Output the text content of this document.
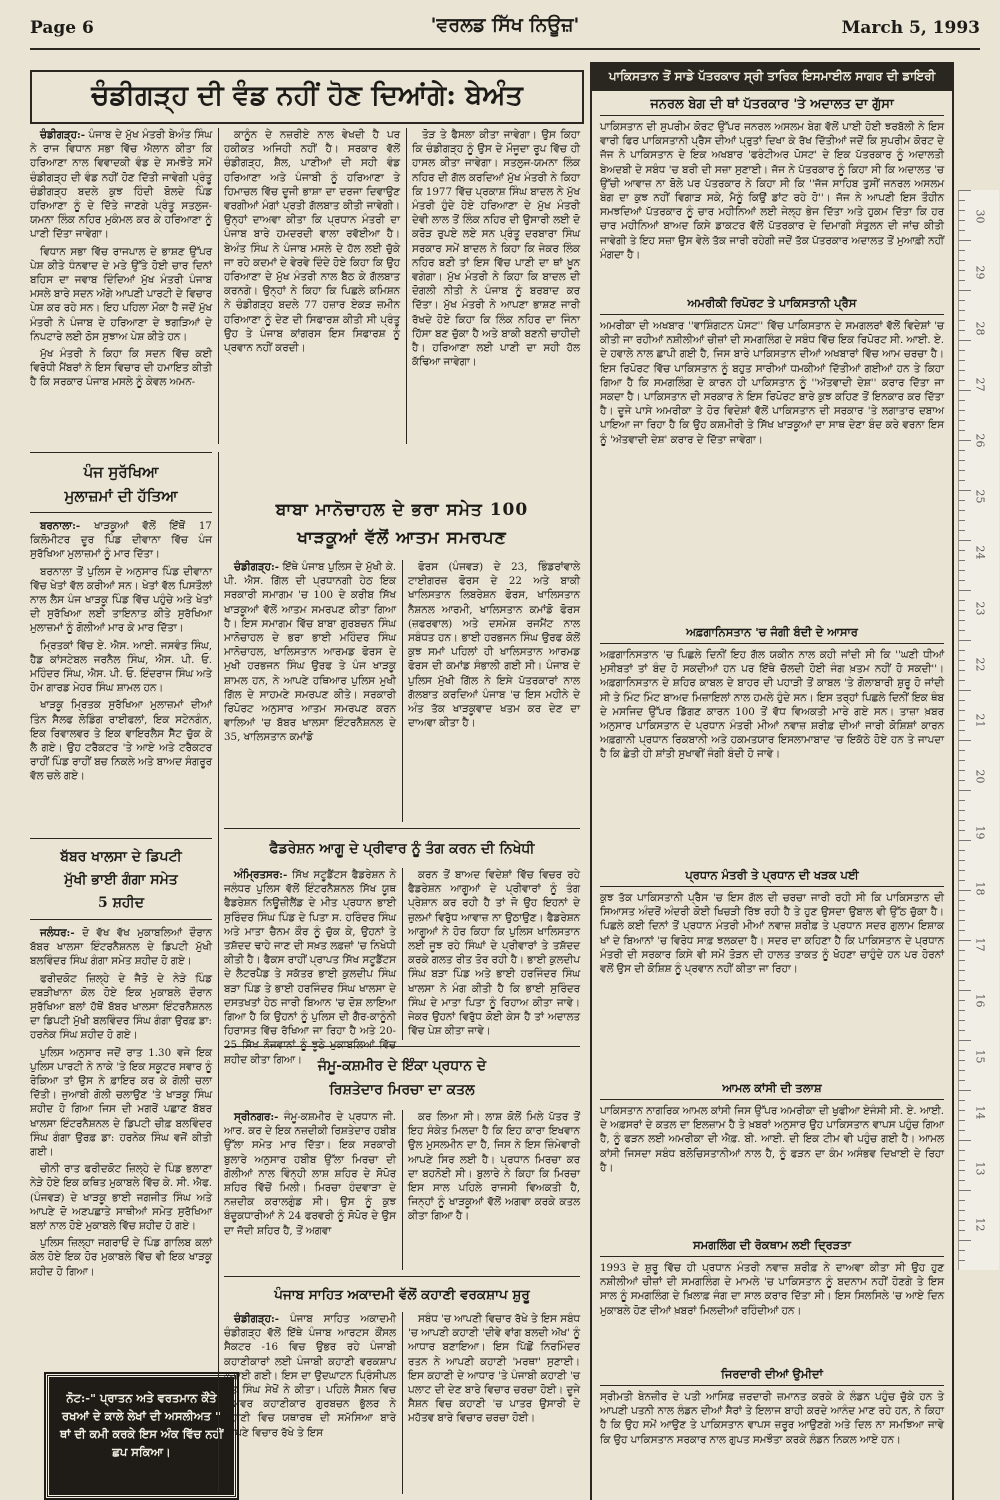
Page 6	'ਵਰਲਡ ਸਿੱਖ ਨਿਊਜ਼'	March 5, 1993
ਚੰਡੀਗੜ੍ਹ ਦੀ ਵੰਡ ਨਹੀਂ ਹੋਣ ਦਿਆਂਗੇ: ਬੇਅੰਤ

ਚੰਡੀਗੜ੍ਹ:- ਪੰਜਾਬ ਦੇ ਮੁੱਖ ਮੰਤਰੀ ਬੇਅੰਤ ਸਿੰਘ ਨੇ ਰਾਜ ਵਿਧਾਨ ਸਭਾ ਵਿੱਚ ਐਲਾਨ ਕੀਤਾ ਕਿ ਹਰਿਆਣਾ ਨਾਲ ਵਿਵਾਦਕੀ ਵੰਡ ਦੇ ਸਮਝੌਤੇ ਸਮੇਂ ਚੰਡੀਗੜ੍ਹ ਦੀ ਵੰਡ ਨਹੀਂ ਹੋਣ ਦਿੱਤੀ ਜਾਵੇਗੀ ਪ੍ਰੰਤੂ ਚੰਡੀਗੜ੍ਹ ਬਦਲੇ ਕੁਝ ਹਿੰਦੀ ਬੋਲਦੇ ਪਿੰਡ ਹਰਿਆਣਾ ਨੂੰ ਦੇ ਦਿੱਤੇ ਜਾਣਗੇ ਪ੍ਰੰਤੂ ਸਤਲੁਜ-ਯਮਨਾ ਲਿੰਕ ਨਹਿਰ ਮੁਕੰਮਲ ਕਰ ਕੇ ਹਰਿਆਣਾ ਨੂੰ ਪਾਣੀ ਦਿੱਤਾ ਜਾਵੇਗਾ।

ਵਿਧਾਨ ਸਭਾ ਵਿੱਚ ਰਾਜਪਾਲ ਦੇ ਭਾਸ਼ਣ ਉੱਪਰ ਪੇਸ਼ ਕੀਤੇ ਧੰਨਵਾਦ ਦੇ ਮਤੇ ਉੱਤੇ ਹੋਈ ਚਾਰ ਦਿਨਾਂ ਬਹਿਸ ਦਾ ਜਵਾਬ ਦਿੰਦਿਆਂ ਮੁੱਖ ਮੰਤਰੀ ਪੰਜਾਬ ਮਸਲੇ ਬਾਰੇ ਸਦਨ ਅੱਗੇ ਆਪਣੀ ਪਾਰਟੀ ਦੇ ਵਿਚਾਰ ਪੇਸ਼ ਕਰ ਰਹੇ ਸਨ। ਇਹ ਪਹਿਲਾ ਮੌਕਾ ਹੈ ਜਦੋਂ ਮੁੱਖ ਮੰਤਰੀ ਨੇ ਪੰਜਾਬ ਦੇ ਹਰਿਆਣਾ ਦੇ ਝਗੜਿਆਂ ਦੇ ਨਿਪਟਾਰੇ ਲਈ ਠੋਸ ਸੁਝਾਅ ਪੇਸ਼ ਕੀਤੇ ਹਨ।

ਮੁੱਖ ਮੰਤਰੀ ਨੇ ਕਿਹਾ ਕਿ ਸਦਨ ਵਿੱਚ ਕਈ ਵਿਰੋਧੀ ਮੈਂਬਰਾਂ ਨੇ ਇਸ ਵਿਚਾਰ ਦੀ ਹਮਾਇਤ ਕੀਤੀ ਹੈ ਕਿ ਸਰਕਾਰ ਪੰਜਾਬ ਮਸਲੇ ਨੂੰ ਕੇਵਲ ਅਮਨ-

ਕਾਨੂੰਨ ਦੇ ਨਜ਼ਰੀਏ ਨਾਲ ਵੇਖਦੀ ਹੈ ਪਰ ਹਕੀਕਤ ਅਜਿਹੀ ਨਹੀਂ ਹੈ। ਸਰਕਾਰ ਵੱਲੋਂ ਚੰਡੀਗੜ੍ਹ, ਸ਼ੈਲ, ਪਾਣੀਆਂ ਦੀ ਸਹੀ ਵੰਡ ਹਰਿਆਣਾ ਅਤੇ ਪੰਜਾਬੀ ਨੂੰ ਹਰਿਆਣਾ ਤੇ ਹਿਮਾਚਲ ਵਿੱਚ ਦੂਜੀ ਭਾਸ਼ਾ ਦਾ ਦਰਜਾ ਦਿਵਾਉਣ ਵਰਗੀਆਂ ਮੰਗਾਂ ਪ੍ਰਤੀ ਗੱਲਬਾਤ ਕੀਤੀ ਜਾਵੇਗੀ। ਉਨ੍ਹਾਂ ਦਾਅਵਾ ਕੀਤਾ ਕਿ ਪ੍ਰਧਾਨ ਮੰਤਰੀ ਦਾ ਪੰਜਾਬ ਬਾਰੇ ਹਮਦਰਦੀ ਵਾਲਾ ਰਵੱਈਆ ਹੈ। ਬੇਅੰਤ ਸਿੰਘ ਨੇ ਪੰਜਾਬ ਮਸਲੇ ਦੇ ਹੱਲ ਲਈ ਚੁੱਕੇ ਜਾ ਰਹੇ ਕਦਮਾਂ ਦੇ ਵੇਰਵੇ ਦਿੰਦੇ ਹੋਏ ਕਿਹਾ ਕਿ ਉਹ ਹਰਿਆਣਾ ਦੇ ਮੁੱਖ ਮੰਤਰੀ ਨਾਲ ਬੈਠ ਕੇ ਗੱਲਬਾਤ ਕਰਨਗੇ। ਉਨ੍ਹਾਂ ਨੇ ਕਿਹਾ ਕਿ ਪਿਛਲੇ ਕਮਿਸ਼ਨ ਨੇ ਚੰਡੀਗੜ੍ਹ ਬਦਲੇ 77 ਹਜ਼ਾਰ ਏਕੜ ਜ਼ਮੀਨ ਹਰਿਆਣਾ ਨੂੰ ਦੇਣ ਦੀ ਸਿਫਾਰਸ਼ ਕੀਤੀ ਸੀ ਪ੍ਰੰਤੂ ਉਹ ਤੇ ਪੰਜਾਬ ਕਾਂਗਰਸ ਇਸ ਸਿਫਾਰਸ਼ ਨੂੰ ਪ੍ਰਵਾਨ ਨਹੀਂ ਕਰਦੀ।

ਤੋੜ ਤੇ ਫੈਸਲਾ ਕੀਤਾ ਜਾਵੇਗਾ। ਉਸ ਕਿਹਾ ਕਿ ਚੰਡੀਗੜ੍ਹ ਨੂੰ ਉਸ ਦੇ ਮੌਜੂਦਾ ਰੂਪ ਵਿੱਚ ਹੀ ਹਾਸਲ ਕੀਤਾ ਜਾਵੇਗਾ। ਸਤਲੁਜ-ਯਮਨਾ ਲਿੰਕ ਨਹਿਰ ਦੀ ਗੱਲ ਕਰਦਿਆਂ ਮੁੱਖ ਮੰਤਰੀ ਨੇ ਕਿਹਾ ਕਿ 1977 ਵਿੱਚ ਪ੍ਰਕਾਸ਼ ਸਿੰਘ ਬਾਦਲ ਨੇ ਮੁੱਖ ਮੰਤਰੀ ਹੁੰਦੇ ਹੋਏ ਹਰਿਆਣਾ ਦੇ ਮੁੱਖ ਮੰਤਰੀ ਦੇਵੀ ਲਾਲ ਤੋਂ ਲਿੰਕ ਨਹਿਰ ਦੀ ਉਸਾਰੀ ਲਈ ਦੋ ਕਰੋੜ ਰੁਪਏ ਲਏ ਸਨ ਪ੍ਰੰਤੂ ਦਰਬਾਰਾ ਸਿੰਘ ਸਰਕਾਰ ਸਮੇਂ ਬਾਦਲ ਨੇ ਕਿਹਾ ਕਿ ਜੇਕਰ ਲਿੰਕ ਨਹਿਰ ਬਣੀ ਤਾਂ ਇਸ ਵਿੱਚ ਪਾਣੀ ਦਾ ਥਾਂ ਖ਼ੂਨ ਵਗੇਗਾ। ਮੁੱਖ ਮੰਤਰੀ ਨੇ ਕਿਹਾ ਕਿ ਬਾਦਲ ਦੀ ਦੋਗਲੀ ਨੀਤੀ ਨੇ ਪੰਜਾਬ ਨੂੰ ਬਰਬਾਦ ਕਰ ਦਿੱਤਾ। ਮੁੱਖ ਮੰਤਰੀ ਨੇ ਆਪਣਾ ਭਾਸ਼ਣ ਜਾਰੀ ਰੱਖਦੇ ਹੋਏ ਕਿਹਾ ਕਿ ਲਿੰਕ ਨਹਿਰ ਦਾ ਜਿੰਨਾ ਹਿੱਸਾ ਬਣ ਚੁੱਕਾ ਹੈ ਅਤੇ ਬਾਕੀ ਬਣਨੀ ਚਾਹੀਦੀ ਹੈ। ਹਰਿਆਣਾ ਲਈ ਪਾਣੀ ਦਾ ਸਹੀ ਹੱਲ ਕੱਢਿਆ ਜਾਵੇਗਾ।

ਪੰਜ ਸੁਰੱਖਿਆ
ਮੁਲਾਜ਼ਮਾਂ ਦੀ ਹੱਤਿਆ

ਬਰਨਾਲਾ:- ਖਾੜਕੂਆਂ ਵੱਲੋਂ ਇੱਥੋਂ 17 ਕਿਲੋਮੀਟਰ ਦੂਰ ਪਿੰਡ ਦੀਵਾਨਾ ਵਿੱਚ ਪੰਜ ਸੁਰੱਖਿਆ ਮੁਲਾਜ਼ਮਾਂ ਨੂੰ ਮਾਰ ਦਿੱਤਾ।

ਬਰਨਾਲਾ ਤੋਂ ਪੁਲਿਸ ਦੇ ਅਨੁਸਾਰ ਪਿੰਡ ਦੀਵਾਨਾ ਵਿੱਚ ਖੇਤਾਂ ਵੱਲ ਕਰੀਆਂ ਸਨ। ਖੇਤਾਂ ਵੱਲ ਪਿਸਤੌਲਾਂ ਨਾਲ ਲੈਸ ਪੰਜ ਖਾੜਕੂ ਪਿੰਡ ਵਿੱਚ ਪਹੁੰਚੇ ਅਤੇ ਖੇਤਾਂ ਦੀ ਸੁਰੱਖਿਆ ਲਈ ਤਾਇਨਾਤ ਕੀਤੇ ਸੁਰੱਖਿਆ ਮੁਲਾਜ਼ਮਾਂ ਨੂੰ ਗੋਲੀਆਂ ਮਾਰ ਕੇ ਮਾਰ ਦਿੱਤਾ।

ਮ੍ਰਿਤਕਾਂ ਵਿੱਚ ਏ. ਐਸ. ਆਈ. ਜਸਵੰਤ ਸਿੰਘ, ਹੈਡ ਕਾਂਸਟੇਬਲ ਜਰਨੈਲ ਸਿੰਘ, ਐਸ. ਪੀ. ਓ. ਮਹਿੰਦਰ ਸਿੰਘ, ਐਸ. ਪੀ. ਓ. ਇੰਦਰਾਜ ਸਿੰਘ ਅਤੇ ਹੋਮ ਗਾਰਡ ਮੇਹਰ ਸਿੰਘ ਸ਼ਾਮਲ ਹਨ।

ਖਾੜਕੂ ਮ੍ਰਿਤਕ ਸੁਰੱਖਿਆ ਮੁਲਾਜ਼ਮਾਂ ਦੀਆਂ ਤਿੰਨ ਸੈਲਫ ਲੋਡਿੰਗ ਰਾਈਫਲਾਂ, ਇਕ ਸਟੇਨਗੰਨ, ਇਕ ਰਿਵਾਲਵਰ ਤੇ ਇਕ ਵਾਇਰਲੈਸ ਸੈੱਟ ਚੁੱਕ ਕੇ ਲੈ ਗਏ। ਉਹ ਟਰੈਕਟਰ 'ਤੇ ਆਏ ਅਤੇ ਟਰੈਕਟਰ ਰਾਹੀਂ ਪਿੰਡ ਰਾਹੀਂ ਬਚ ਨਿਕਲੇ ਅਤੇ ਬਾਅਦ ਸੰਗਰੂਰ ਵੱਲ ਚਲੇ ਗਏ।

ਬੱਬਰ ਖਾਲਸਾ ਦੇ ਡਿਪਟੀ
ਮੁੱਖੀ ਭਾਈ ਗੰਗਾ ਸਮੇਤ
5 ਸ਼ਹੀਦ

ਜਲੰਧਰ:- ਦੋ ਵੱਖ ਵੱਖ ਮੁਕਾਬਲਿਆਂ ਦੌਰਾਨ ਬੱਬਰ ਖਾਲਸਾ ਇੰਟਰਨੈਸ਼ਨਲ ਦੇ ਡਿਪਟੀ ਮੁੱਖੀ ਬਲਵਿੰਦਰ ਸਿੰਘ ਗੰਗਾ ਸਮੇਤ ਸ਼ਹੀਦ ਹੋ ਗਏ।

ਫਰੀਦਕੋਟ ਜ਼ਿਲ੍ਹੇ ਦੇ ਜੈਤੋ ਦੇ ਨੇੜੇ ਪਿੰਡ ਦਬੜੀਖਾਨਾ ਕੋਲ ਹੋਏ ਇਕ ਮੁਕਾਬਲੇ ਦੌਰਾਨ ਸੁਰੱਖਿਆ ਬਲਾਂ ਹੱਥੋਂ ਬੱਬਰ ਖਾਲਸਾ ਇੰਟਰਨੈਸ਼ਨਲ ਦਾ ਡਿਪਟੀ ਮੁੱਖੀ ਬਲਵਿੰਦਰ ਸਿੰਘ ਗੰਗਾ ਉਰਫ਼ ਡਾ: ਹਰਨੇਕ ਸਿੰਘ ਸ਼ਹੀਦ ਹੋ ਗਏ।

ਪੁਲਿਸ ਅਨੁਸਾਰ ਜਦੋਂ ਰਾਤ 1.30 ਵਜੇ ਇਕ ਪੁਲਿਸ ਪਾਰਟੀ ਨੇ ਨਾਕੇ 'ਤੇ ਇਕ ਸਕੂਟਰ ਸਵਾਰ ਨੂੰ ਰੋਕਿਆ ਤਾਂ ਉਸ ਨੇ ਫ਼ਾਇਰ ਕਰ ਕੇ ਗੋਲੀ ਚਲਾ ਦਿੱਤੀ। ਜੁਆਬੀ ਗੋਲੀ ਚਲਾਉਣ 'ਤੇ ਖਾੜਕੂ ਸਿੰਘ ਸ਼ਹੀਦ ਹੋ ਗਿਆ ਜਿਸ ਦੀ ਮਗਰੋਂ ਪਛਾਣ ਬੱਬਰ ਖਾਲਸਾ ਇੰਟਰਨੈਸ਼ਨਲ ਦੇ ਡਿਪਟੀ ਚੀਫ਼ ਬਲਵਿੰਦਰ ਸਿੰਘ ਗੰਗਾ ਉਰਫ਼ ਡਾ: ਹਰਨੇਕ ਸਿੰਘ ਵਜੋਂ ਕੀਤੀ ਗਈ।

ਚੀਨੀ ਰਾਤ ਫਰੀਦਕੋਟ ਜ਼ਿਲ੍ਹੇ ਦੇ ਪਿੰਡ ਭਲਾਣਾ ਨੇੜੇ ਹੋਏ ਇਕ ਕਥਿਤ ਮੁਕਾਬਲੇ ਵਿੱਚ ਕੇ. ਸੀ. ਐਫ. (ਪੰਜਵੜ) ਦੇ ਖਾੜਕੂ ਭਾਈ ਜਗਜੀਤ ਸਿੰਘ ਅਤੇ ਆਪਣੇ ਦੋ ਅਣਪਛਾਤੇ ਸਾਥੀਆਂ ਸਮੇਤ ਸੁਰੱਖਿਆ ਬਲਾਂ ਨਾਲ ਹੋਏ ਮੁਕਾਬਲੇ ਵਿੱਚ ਸ਼ਹੀਦ ਹੋ ਗਏ।

ਪੁਲਿਸ ਜ਼ਿਲ੍ਹਾ ਜਗਰਾਓਂ ਦੇ ਪਿੰਡ ਗਾਲਿਬ ਕਲਾਂ ਕੋਲ ਹੋਏ ਇਕ ਹੋਰ ਮੁਕਾਬਲੇ ਵਿੱਚ ਵੀ ਇਕ ਖਾੜਕੂ ਸ਼ਹੀਦ ਹੋ ਗਿਆ।

ਨੋਟ:-" ਪ੍ਰਾਤਨ ਅਤੇ ਵਰਤਮਾਨ ਕੌਂਤੇ ਰਖਆਂ ਦੇ ਕਾਲੇ ਲੇਖਾਂ ਦੀ ਅਸਲੀਅਤ " ਥਾਂ ਦੀ ਕਮੀ ਕਰਕੇ ਇਸ ਅੰਕ ਵਿੱਚ ਨਹੀਂ ਛਪ ਸਕਿਆ।
ਬਾਬਾ ਮਾਨੋਚਾਹਲ ਦੇ ਭਰਾ ਸਮੇਤ 100
ਖਾੜਕੂਆਂ ਵੱਲੋਂ ਆਤਮ ਸਮਰਪਣ

ਚੰਡੀਗੜ੍ਹ:- ਇੱਥੇ ਪੰਜਾਬ ਪੁਲਿਸ ਦੇ ਮੁੱਖੀ ਕੇ. ਪੀ. ਐਸ. ਗਿੱਲ ਦੀ ਪ੍ਰਧਾਨਗੀ ਹੇਠ ਇਕ ਸਰਕਾਰੀ ਸਮਾਗਮ 'ਚ 100 ਦੇ ਕਰੀਬ ਸਿੱਖ ਖਾੜਕੂਆਂ ਵੱਲੋਂ ਆਤਮ ਸਮਰਪਣ ਕੀਤਾ ਗਿਆ ਹੈ। ਇਸ ਸਮਾਗਮ ਵਿੱਚ ਬਾਬਾ ਗੁਰਬਚਨ ਸਿੰਘ ਮਾਨੋਚਾਹਲ ਦੇ ਭਰਾ ਭਾਈ ਮਹਿੰਦਰ ਸਿੰਘ ਮਾਨੋਚਾਹਲ, ਖਾਲਿਸਤਾਨ ਆਰਮਡ ਫੋਰਸ ਦੇ ਮੁਖੀ ਹਰਭਜਨ ਸਿੰਘ ਉਰਫ ਤੇ ਪੰਜ ਖਾੜਕੂ ਸ਼ਾਮਲ ਹਨ, ਨੇ ਆਪਣੇ ਹਥਿਆਰ ਪੁਲਿਸ ਮੁਖੀ ਗਿੱਲ ਦੇ ਸਾਹਮਣੇ ਸਮਰਪਣ ਕੀਤੇ। ਸਰਕਾਰੀ ਰਿਪੋਰਟ ਅਨੁਸਾਰ ਆਤਮ ਸਮਰਪਣ ਕਰਨ ਵਾਲਿਆਂ 'ਚ ਬੱਬਰ ਖਾਲਸਾ ਇੰਟਰਨੈਸ਼ਨਲ ਦੇ 35, ਖਾਲਿਸਤਾਨ ਕਮਾਂਡੋ

ਫੋਰਸ (ਪੰਜਵੜ) ਦੇ 23, ਭਿੰਡਰਾਂਵਾਲੇ ਟਾਈਗਰਜ਼ ਫੋਰਸ ਦੇ 22 ਅਤੇ ਬਾਕੀ ਖਾਲਿਸਤਾਨ ਲਿਬਰੇਸ਼ਨ ਫੋਰਸ, ਖਾਲਿਸਤਾਨ ਨੈਸ਼ਨਲ ਆਰਮੀ, ਖਾਲਿਸਤਾਨ ਕਮਾਂਡੋ ਫੋਰਸ (ਜ਼ਫਰਵਾਲ) ਅਤੇ ਦਸਮੇਸ਼ ਰਜਮੈਂਟ ਨਾਲ ਸਬੰਧਤ ਹਨ। ਭਾਈ ਹਰਭਜਨ ਸਿੰਘ ਉਰਫ ਕੋਲੋਂ ਕੁਝ ਸਮਾਂ ਪਹਿਲਾਂ ਹੀ ਖਾਲਿਸਤਾਨ ਆਰਮਡ ਫੋਰਸ ਦੀ ਕਮਾਂਡ ਸੰਭਾਲੀ ਗਈ ਸੀ। ਪੰਜਾਬ ਦੇ ਪੁਲਿਸ ਮੁੱਖੀ ਗਿੱਲ ਨੇ ਇਸੇ ਪੱਤਰਕਾਰਾਂ ਨਾਲ ਗੱਲਬਾਤ ਕਰਦਿਆਂ ਪੰਜਾਬ 'ਚ ਇਸ ਮਹੀਨੇ ਦੇ ਅੰਤ ਤੱਕ ਖਾੜਕੂਵਾਦ ਖਤਮ ਕਰ ਦੇਣ ਦਾ ਦਾਅਵਾ ਕੀਤਾ ਹੈ।

ਫੈਡਰੇਸ਼ਨ ਆਗੂ ਦੇ ਪ੍ਰੀਵਾਰ ਨੂੰ ਤੰਗ ਕਰਨ ਦੀ ਨਿਖੇਧੀ

ਅੰਮ੍ਰਿਤਸਰ:- ਸਿੱਖ ਸਟੂਡੈਂਟਸ ਫੈਡਰੇਸ਼ਨ ਨੇ ਜਲੰਧਰ ਪੁਲਿਸ ਵੱਲੋਂ ਇੰਟਰਨੈਸ਼ਨਲ ਸਿੱਖ ਯੂਥ ਫੈਡਰੇਸ਼ਨ ਨਿਊਜ਼ੀਲੈਂਡ ਦੇ ਮੀਤ ਪ੍ਰਧਾਨ ਭਾਈ ਸੁਰਿੰਦਰ ਸਿੰਘ ਪਿੰਡ ਦੇ ਪਿਤਾ ਸ. ਹਰਿੰਦਰ ਸਿੰਘ ਅਤੇ ਮਾਤਾ ਚੈਨਮ ਕੌਰ ਨੂੰ ਚੁੱਕ ਕੇ, ਉਹਨਾਂ ਤੇ ਤਸ਼ੱਦਦ ਢਾਹੇ ਜਾਣ ਦੀ ਸਖ਼ਤ ਲਫ਼ਜ਼ਾਂ 'ਚ ਨਿਖੇਧੀ ਕੀਤੀ ਹੈ। ਫੈਕਸ ਰਾਹੀਂ ਪ੍ਰਾਪਤ ਸਿੱਖ ਸਟੂਡੈਂਟਸ ਦੇ ਲੈਟਰਪੈਡ ਤੇ ਸਕੱਤਰ ਭਾਈ ਕੁਲਦੀਪ ਸਿੰਘ ਬੜਾ ਪਿੰਡ ਤੇ ਭਾਈ ਹਰਜਿੰਦਰ ਸਿੰਘ ਖਾਲਸਾ ਦੇ ਦਸਤਖਤਾਂ ਹੇਠ ਜਾਰੀ ਬਿਆਨ 'ਚ ਦੋਸ਼ ਲਾਇਆ ਗਿਆ ਹੈ ਕਿ ਉਹਨਾਂ ਨੂੰ ਪੁਲਿਸ ਦੀ ਗੈਰ-ਕਾਨੂੰਨੀ ਹਿਰਾਸਤ ਵਿੱਚ ਰੱਖਿਆ ਜਾ ਰਿਹਾ ਹੈ ਅਤੇ 20-25 ਸਿੱਖ ਨੌਜਵਾਨਾਂ ਨੂੰ ਝੂਠੇ ਮੁਕਾਬਲਿਆਂ ਵਿੱਚ ਸ਼ਹੀਦ ਕੀਤਾ ਗਿਆ।

ਕਰਨ ਤੋਂ ਬਾਅਦ ਵਿਦੇਸ਼ਾਂ ਵਿੱਚ ਵਿਚਰ ਰਹੇ ਫੈਡਰੇਸ਼ਨ ਆਗੂਆਂ ਦੇ ਪ੍ਰੀਵਾਰਾਂ ਨੂੰ ਤੰਗ ਪ੍ਰੇਸ਼ਾਨ ਕਰ ਰਹੀ ਹੈ ਤਾਂ ਜੋ ਉਹ ਇਹਨਾਂ ਦੇ ਜ਼ੁਲਮਾਂ ਵਿਰੁੱਧ ਆਵਾਜ਼ ਨਾ ਉਠਾਉਣ। ਫੈਡਰੇਸ਼ਨ ਆਗੂਆਂ ਨੇ ਹੋਰ ਕਿਹਾ ਕਿ ਪੁਲਿਸ ਖਾਲਿਸਤਾਨ ਲਈ ਜੂਝ ਰਹੇ ਸਿੰਘਾਂ ਦੇ ਪ੍ਰੀਵਾਰਾਂ ਤੇ ਤਸ਼ੱਦਦ ਕਰਕੇ ਗਲਤ ਰੀਤ ਤੋਰ ਰਹੀ ਹੈ। ਭਾਈ ਕੁਲਦੀਪ ਸਿੰਘ ਬੜਾ ਪਿੰਡ ਅਤੇ ਭਾਈ ਹਰਜਿੰਦਰ ਸਿੰਘ ਖਾਲਸਾ ਨੇ ਮੰਗ ਕੀਤੀ ਹੈ ਕਿ ਭਾਈ ਸੁਰਿੰਦਰ ਸਿੰਘ ਦੇ ਮਾਤਾ ਪਿਤਾ ਨੂੰ ਰਿਹਾਅ ਕੀਤਾ ਜਾਵੇ। ਜੇਕਰ ਉਹਨਾਂ ਵਿਰੁੱਧ ਕੋਈ ਕੇਸ ਹੈ ਤਾਂ ਅਦਾਲਤ ਵਿੱਚ ਪੇਸ਼ ਕੀਤਾ ਜਾਵੇ।

ਜੰਮੂ-ਕਸ਼ਮੀਰ ਦੇ ਇੰਕਾ ਪ੍ਰਧਾਨ ਦੇ
ਰਿਸ਼ਤੇਦਾਰ ਮਿਰਚਾ ਦਾ ਕਤਲ

ਸ੍ਰੀਨਗਰ:- ਜੰਮੂ-ਕਸ਼ਮੀਰ ਦੇ ਪ੍ਰਧਾਨ ਜੀ. ਆਰ. ਕਰ ਦੇ ਇਕ ਨਜ਼ਦੀਕੀ ਰਿਸ਼ਤੇਦਾਰ ਹਬੀਬ ਉੱਲਾ ਸਮੇਤ ਮਾਰ ਦਿੱਤਾ। ਇਕ ਸਰਕਾਰੀ ਬੁਲਾਰੇ ਅਨੁਸਾਰ ਹਬੀਬ ਉੱਲਾ ਮਿਰਚਾ ਦੀ ਗੋਲੀਆਂ ਨਾਲ ਵਿੰਨ੍ਹੀ ਲਾਸ਼ ਸ਼ਹਿਰ ਦੇ ਸੋਪੋਰ ਸ਼ਹਿਰ ਵਿੱਚੋਂ ਮਿਲੀ। ਮਿਰਚਾ ਹੰਦਵਾੜਾ ਦੇ ਨਜ਼ਦੀਕ ਕਰਾਲਗੁੰਡ ਸੀ। ਉਸ ਨੂੰ ਕੁਝ ਬੰਦੂਕਧਾਰੀਆਂ ਨੇ 24 ਫਰਵਰੀ ਨੂੰ ਸੋਪੋਰ ਦੇ ਉਸ ਦਾ ਜੱਦੀ ਸ਼ਹਿਰ ਹੈ, ਤੋਂ ਅਗਵਾ

ਕਰ ਲਿਆ ਸੀ। ਲਾਸ਼ ਕੋਲੋਂ ਮਿਲੇ ਪੱਤਰ ਤੋਂ ਇਹ ਸੰਕੇਤ ਮਿਲਦਾ ਹੈ ਕਿ ਇਹ ਕਾਰਾ ਇਖਵਾਨ ਉਲ ਮੁਸਲਮੀਨ ਦਾ ਹੈ, ਜਿਸ ਨੇ ਇਸ ਜ਼ਿੰਮੇਵਾਰੀ ਆਪਣੇ ਸਿਰ ਲਈ ਹੈ। ਪ੍ਰਧਾਨ ਮਿਰਚਾ ਕਰ ਦਾ ਬਹਨੋਈ ਸੀ। ਬੁਲਾਰੇ ਨੇ ਕਿਹਾ ਕਿ ਮਿਰਚਾ ਇਸ ਸਾਲ ਪਹਿਲੇ ਰਾਜਸੀ ਵਿਅਕਤੀ ਹੈ, ਜਿਨ੍ਹਾਂ ਨੂੰ ਖਾੜਕੂਆਂ ਵੱਲੋਂ ਅਗਵਾ ਕਰਕੇ ਕਤਲ ਕੀਤਾ ਗਿਆ ਹੈ।

ਪੰਜਾਬ ਸਾਹਿਤ ਅਕਾਦਮੀ ਵੱਲੋਂ ਕਹਾਣੀ ਵਰਕਸ਼ਾਪ ਸ਼ੁਰੂ

ਚੰਡੀਗੜ੍ਹ:- ਪੰਜਾਬ ਸਾਹਿਤ ਅਕਾਦਮੀ ਚੰਡੀਗੜ੍ਹ ਵੱਲੋਂ ਇੱਥੇ ਪੰਜਾਬ ਆਰਟਸ ਕੌਂਸਲ ਸੈਕਟਰ -16 ਵਿਚ ਉਭਰ ਰਹੇ ਪੰਜਾਬੀ ਕਹਾਣੀਕਾਰਾਂ ਲਈ ਪੰਜਾਬੀ ਕਹਾਣੀ ਵਰਕਸ਼ਾਪ ਲਗਾਈ ਗਈ। ਇਸ ਦਾ ਉਦਘਾਟਨ ਪ੍ਰਿੰਸੀਪਲ ਸੰਤ ਸਿੰਘ ਸੇਖੋਂ ਨੇ ਕੀਤਾ। ਪਹਿਲੇ ਸੈਸ਼ਨ ਵਿਚ ਨਾਮਵਰ ਕਹਾਣੀਕਾਰ ਗੁਰਬਚਨ ਭੁੱਲਰ ਨੇ ਕਹਾਣੀ ਵਿਚ ਯਥਾਰਥ ਦੀ ਸਮੱਸਿਆ ਬਾਰੇ ਆਪਣੇ ਵਿਚਾਰ ਰੱਖੇ ਤੇ ਇਸ

ਸਬੰਧ 'ਚ ਆਪਣੀ ਵਿਚਾਰ ਰੱਖੇ ਤੇ ਇਸ ਸਬੰਧ 'ਚ ਆਪਣੀ ਕਹਾਣੀ 'ਦੀਵੇ ਵਾਂਗ ਬਲਦੀ ਅੱਖ' ਨੂੰ ਆਧਾਰ ਬਣਾਇਆ। ਇਸ ਪਿੱਛੋਂ ਨਿਰਮਿੰਦਰ ਰਤਨ ਨੇ ਆਪਣੀ ਕਹਾਣੀ 'ਮਰਥਾ' ਸੁਣਾਈ। ਇਸ ਕਹਾਣੀ ਦੇ ਆਧਾਰ 'ਤੇ ਪੰਜਾਬੀ ਕਹਾਣੀ 'ਚ ਪਲਾਟ ਦੀ ਦੇਣ ਬਾਰੇ ਵਿਚਾਰ ਚਰਚਾ ਹੋਈ। ਦੂਜੇ ਸੈਸ਼ਨ ਵਿਚ ਕਹਾਣੀ 'ਚ ਪਾਤਰ ਉਸਾਰੀ ਦੇ ਮਹੱਤਵ ਬਾਰੇ ਵਿਚਾਰ ਚਰਚਾ ਹੋਈ।

ਪਾਕਿਸਤਾਨ ਤੋਂ ਸਾਡੇ ਪੱਤਰਕਾਰ ਸ੍ਰੀ ਤਾਰਿਕ ਇਸਮਾਈਲ ਸਾਗਰ ਦੀ ਡਾਇਰੀ
ਜਨਰਲ ਬੇਗ ਦੀ ਥਾਂ ਪੱਤਰਕਾਰ 'ਤੇ ਅਦਾਲਤ ਦਾ ਗੁੱਸਾ
ਪਾਕਿਸਤਾਨ ਦੀ ਸੁਪਰੀਮ ਕੋਰਟ ਉੱਪਰ ਜਨਰਲ ਅਸਲਮ ਬੇਗ ਵੱਲੋਂ ਪਾਈ ਹੋਈ ਝਰਬੱਲੀ ਨੇ ਇਸ ਵਾਰੀ ਫਿਰ ਪਾਕਿਸਤਾਨੀ ਪ੍ਰੈਸ ਦੀਆਂ ਪ੍ਰੁਤਾਂ ਦਿਖਾ ਕੇ ਰੱਖ ਦਿੱਤੀਆਂ ਜਦੋਂ ਕਿ ਸੁਪਰੀਮ ਕੋਰਟ ਦੇ ਜੱਜ ਨੇ ਪਾਕਿਸਤਾਨ ਦੇ ਇਕ ਅਖਬਾਰ 'ਫਰੰਟੀਅਰ ਪੋਸਟ' ਦੇ ਇਕ ਪੱਤਰਕਾਰ ਨੂੰ ਅਦਾਲਤੀ ਬੇਅਦਬੀ ਦੇ ਸਬੰਧ 'ਚ ਬਰੀ ਦੀ ਸਜ਼ਾ ਸੁਣਾਈ। ਜੱਜ ਨੇ ਪੱਤਰਕਾਰ ਨੂੰ ਕਿਹਾ ਸੀ ਕਿ ਅਦਾਲਤ 'ਚ ਉੱਚੀ ਆਵਾਜ਼ ਨਾ ਬੋਲੇ ਪਰ ਪੱਤਰਕਾਰ ਨੇ ਕਿਹਾ ਸੀ ਕਿ ''ਜੱਜ ਸਾਹਿਬ ਤੁਸੀਂ ਜਨਰਲ ਅਸਲਮ ਬੇਗ ਦਾ ਕੁਝ ਨਹੀਂ ਵਿਗਾੜ ਸਕੇ, ਮੈਨੂੰ ਕਿਉਂ ਡਾਂਟ ਰਹੇ ਹੋ''। ਜੱਜ ਨੇ ਆਪਣੀ ਇਸ ਤੌਹੀਨ ਸਮਝਦਿਆਂ ਪੱਤਰਕਾਰ ਨੂੰ ਚਾਰ ਮਹੀਨਿਆਂ ਲਈ ਜੇਲ੍ਹ ਭੇਜ ਦਿੱਤਾ ਅਤੇ ਹੁਕਮ ਦਿੱਤਾ ਕਿ ਹਰ ਚਾਰ ਮਹੀਨਿਆਂ ਬਾਅਦ ਕਿਸੇ ਡਾਕਟਰ ਵੱਲੋਂ ਪੱਤਰਕਾਰ ਦੇ ਦਿਮਾਗੀ ਸੰਤੁਲਨ ਦੀ ਜਾਂਚ ਕੀਤੀ ਜਾਵੇਗੀ ਤੇ ਇਹ ਸਜ਼ਾ ਉਸ ਵੇਲੇ ਤੱਕ ਜਾਰੀ ਰਹੇਗੀ ਜਦੋਂ ਤੱਕ ਪੱਤਰਕਾਰ ਅਦਾਲਤ ਤੋਂ ਮੁਆਫ਼ੀ ਨਹੀਂ ਮੰਗਦਾ ਹੈ।
ਅਮਰੀਕੀ ਰਿਪੋਰਟ ਤੇ ਪਾਕਿਸਤਾਨੀ ਪ੍ਰੈਸ
ਅਮਰੀਕਾ ਦੀ ਅਖਬਾਰ ''ਵਾਸ਼ਿੰਗਟਨ ਪੋਸਟ'' ਵਿੱਚ ਪਾਕਿਸਤਾਨ ਦੇ ਸਮਗਲਰਾਂ ਵੱਲੋਂ ਵਿਦੇਸ਼ਾਂ 'ਚ ਕੀਤੀ ਜਾ ਰਹੀਆਂ ਨਸ਼ੀਲੀਆਂ ਚੀਜ਼ਾਂ ਦੀ ਸਮਗਲਿੰਗ ਦੇ ਸਬੰਧ ਵਿੱਚ ਇਕ ਰਿਪੋਰਟ ਸੀ. ਆਈ. ਏ. ਦੇ ਹਵਾਲੇ ਨਾਲ ਛਾਪੀ ਗਈ ਹੈ, ਜਿਸ ਬਾਰੇ ਪਾਕਿਸਤਾਨ ਦੀਆਂ ਅਖਬਾਰਾਂ ਵਿੱਚ ਆਮ ਚਰਚਾ ਹੈ। ਇਸ ਰਿਪੋਰਟ ਵਿੱਚ ਪਾਕਿਸਤਾਨ ਨੂੰ ਬਹੁਤ ਸਾਰੀਆਂ ਧਮਕੀਆਂ ਦਿੱਤੀਆਂ ਗਈਆਂ ਹਨ ਤੇ ਕਿਹਾ ਗਿਆ ਹੈ ਕਿ ਸਮਗਲਿੰਗ ਦੇ ਕਾਰਨ ਹੀ ਪਾਕਿਸਤਾਨ ਨੂੰ ''ਅੱਤਵਾਦੀ ਦੇਸ਼'' ਕਰਾਰ ਦਿੱਤਾ ਜਾ ਸਕਦਾ ਹੈ। ਪਾਕਿਸਤਾਨ ਦੀ ਸਰਕਾਰ ਨੇ ਇਸ ਰਿਪੋਰਟ ਬਾਰੇ ਕੁਝ ਕਹਿਣ ਤੋਂ ਇਨਕਾਰ ਕਰ ਦਿੱਤਾ ਹੈ। ਦੂਜੇ ਪਾਸੇ ਅਮਰੀਕਾ ਤੇ ਹੋਰ ਵਿਦੇਸ਼ਾਂ ਵੱਲੋਂ ਪਾਕਿਸਤਾਨ ਦੀ ਸਰਕਾਰ 'ਤੇ ਲਗਾਤਾਰ ਦਬਾਅ ਪਾਇਆ ਜਾ ਰਿਹਾ ਹੈ ਕਿ ਉਹ ਕਸ਼ਮੀਰੀ ਤੇ ਸਿੱਖ ਖਾੜਕੂਆਂ ਦਾ ਸਾਥ ਦੇਣਾ ਬੰਦ ਕਰੇ ਵਰਨਾ ਇਸ ਨੂੰ 'ਅੱਤਵਾਦੀ ਦੇਸ਼' ਕਰਾਰ ਦੇ ਦਿੱਤਾ ਜਾਵੇਗਾ।
ਅਫ਼ਗਾਨਿਸਤਾਨ 'ਚ ਜੰਗੀ ਬੰਦੀ ਦੇ ਆਸਾਰ
ਅਫ਼ਗਾਨਿਸਤਾਨ 'ਚ ਪਿਛਲੇ ਦਿਨੀਂ ਇਹ ਗੱਲ ਯਕੀਨ ਨਾਲ ਕਹੀ ਜਾਂਦੀ ਸੀ ਕਿ ''ਘਣੀ ਧੀਆਂ ਮੁਸੀਬਤਾਂ ਤਾਂ ਬੰਦ ਹੋ ਸਕਦੀਆਂ ਹਨ ਪਰ ਇੱਥੇ ਚੱਲਦੀ ਹੋਈ ਜੰਗ ਖ਼ਤਮ ਨਹੀਂ ਹੋ ਸਕਦੀ''। ਅਫ਼ਗਾਨਿਸਤਾਨ ਦੇ ਸ਼ਹਿਰ ਕਾਬਲ ਦੇ ਬਾਹਰ ਦੀ ਪਹਾੜੀ ਤੋਂ ਕਾਬਲ 'ਤੇ ਗੋਲਾਬਾਰੀ ਸ਼ੁਰੂ ਹੋ ਜਾਂਦੀ ਸੀ ਤੇ ਮਿੰਟ ਮਿੰਟ ਬਾਅਦ ਮਿਜ਼ਾਇਲਾਂ ਨਾਲ ਹਮਲੇ ਹੁੰਦੇ ਸਨ। ਇਸ ਤਰ੍ਹਾਂ ਪਿਛਲੇ ਦਿਨੀਂ ਇਕ ਥੰਬ ਦੇ ਮਸਜਿਦ ਉੱਪਰ ਡਿੱਗਣ ਕਾਰਨ 100 ਤੋਂ ਵੱਧ ਵਿਅਕਤੀ ਮਾਰੇ ਗਏ ਸਨ। ਤਾਜ਼ਾ ਖ਼ਬਰ ਅਨੁਸਾਰ ਪਾਕਿਸਤਾਨ ਦੇ ਪ੍ਰਧਾਨ ਮੰਤਰੀ ਮੀਆਂ ਨਵਾਜ਼ ਸ਼ਰੀਫ਼ ਦੀਆਂ ਜਾਰੀ ਕੋਸ਼ਿਸ਼ਾਂ ਕਾਰਨ ਅਫ਼ਗਾਨੀ ਪ੍ਰਧਾਨ ਰਿਕਬਾਨੀ ਅਤੇ ਹਕਮਤਯਾਰ ਇਸਲਾਮਾਬਾਦ 'ਚ ਇਕੱਠੇ ਹੋਏ ਹਨ ਤੇ ਜਾਪਦਾ ਹੈ ਕਿ ਛੇਤੀ ਹੀ ਸ਼ਾਂਤੀ ਸੁਖਾਵੀਂ ਜੰਗੀ ਬੰਦੀ ਹੋ ਜਾਵੇ।
ਪ੍ਰਧਾਨ ਮੰਤਰੀ ਤੇ ਪ੍ਰਧਾਨ ਦੀ ਖੜਕ ਪਈ
ਕੁਝ ਤੱਕ ਪਾਕਿਸਤਾਨੀ ਪ੍ਰੈਸ 'ਚ ਇਸ ਗੱਲ ਦੀ ਚਰਚਾ ਜਾਰੀ ਰਹੀ ਸੀ ਕਿ ਪਾਕਿਸਤਾਨ ਦੀ ਸਿਆਸਤ ਅੰਦਰੋਂ ਅੰਦਰੀ ਕੋਈ ਖਿਚੜੀ ਰਿੱਝ ਰਹੀ ਹੈ ਤੇ ਹੁਣ ਉਸਦਾ ਉਬਾਲ ਵੀ ਉੱਠ ਚੁੱਕਾ ਹੈ। ਪਿਛਲੇ ਕਈ ਦਿਨਾਂ ਤੋਂ ਪ੍ਰਧਾਨ ਮੰਤਰੀ ਮੀਆਂ ਨਵਾਜ਼ ਸ਼ਰੀਫ਼ ਤੇ ਪ੍ਰਧਾਨ ਸਦਰ ਗੁਲਾਮ ਇਸ਼ਾਕ ਖਾਂ ਦੇ ਬਿਆਨਾਂ 'ਚ ਵਿਰੋਧ ਸਾਫ਼ ਝਲਕਦਾ ਹੈ। ਸਦਰ ਦਾ ਕਹਿਣਾ ਹੈ ਕਿ ਪਾਕਿਸਤਾਨ ਦੇ ਪ੍ਰਧਾਨ ਮੰਤਰੀ ਦੀ ਸਰਕਾਰ ਕਿਸੇ ਵੀ ਸਮੇਂ ਤੋੜਨ ਦੀ ਹਾਲਤ ਤਾਕਤ ਨੂੰ ਖੋਹਣਾ ਚਾਹੁੰਦੇ ਹਨ ਪਰ ਹੋਰਨਾਂ ਵਲੋਂ ਉਸ ਦੀ ਕੋਸ਼ਿਸ਼ ਨੂੰ ਪ੍ਰਵਾਨ ਨਹੀਂ ਕੀਤਾ ਜਾ ਰਿਹਾ।
ਆਮਲ ਕਾਂਸੀ ਦੀ ਤਲਾਸ਼
ਪਾਕਿਸਤਾਨ ਨਾਗਰਿਕ ਆਮਲ ਕਾਂਸੀ ਜਿਸ ਉੱਪਰ ਅਮਰੀਕਾ ਦੀ ਖੁਫੀਆ ਏਜੰਸੀ ਸੀ. ਏ. ਆਈ. ਦੇ ਅਫ਼ਸਰਾਂ ਦੇ ਕਤਲ ਦਾ ਇਲਜ਼ਾਮ ਹੈ ਤੇ ਖ਼ਬਰਾਂ ਅਨੁਸਾਰ ਉਹ ਪਾਕਿਸਤਾਨ ਵਾਪਸ ਪਹੁੰਚ ਗਿਆ ਹੈ, ਨੂੰ ਫੜਨ ਲਈ ਅਮਰੀਕਾ ਦੀ ਐਫ਼. ਬੀ. ਆਈ. ਦੀ ਇਕ ਟੀਮ ਵੀ ਪਹੁੰਚ ਗਈ ਹੈ। ਆਮਲ ਕਾਂਸੀ ਜਿਸਦਾ ਸਬੰਧ ਬਲੋਚਿਸਤਾਨੀਆਂ ਨਾਲ ਹੈ, ਨੂੰ ਫੜਨ ਦਾ ਕੰਮ ਅਸੰਭਵ ਦਿਖਾਈ ਦੇ ਰਿਹਾ ਹੈ।
ਸਮਗਲਿੰਗ ਦੀ ਰੋਕਥਾਮ ਲਈ ਦ੍ਰਿੜਤਾ
1993 ਦੇ ਸ਼ੁਰੂ ਵਿੱਚ ਹੀ ਪ੍ਰਧਾਨ ਮੰਤਰੀ ਨਵਾਜ਼ ਸ਼ਰੀਫ਼ ਨੇ ਦਾਅਵਾ ਕੀਤਾ ਸੀ ਉਹ ਹੁਣ ਨਸ਼ੀਲੀਆਂ ਚੀਜ਼ਾਂ ਦੀ ਸਮਗਲਿੰਗ ਦੇ ਮਾਮਲੇ 'ਚ ਪਾਕਿਸਤਾਨ ਨੂੰ ਬਦਨਾਮ ਨਹੀਂ ਹੋਣਗੇ ਤੇ ਇਸ ਸਾਲ ਨੂੰ ਸਮਗਲਿੰਗ ਦੇ ਖ਼ਿਲਾਫ਼ ਜੰਗ ਦਾ ਸਾਲ ਕਰਾਰ ਦਿੱਤਾ ਸੀ। ਇਸ ਸਿਲਸਿਲੇ 'ਚ ਆਏ ਦਿਨ ਮੁਕਾਬਲੇ ਹੋਣ ਦੀਆਂ ਖ਼ਬਰਾਂ ਮਿਲਦੀਆਂ ਰਹਿੰਦੀਆਂ ਹਨ।
ਜਿਰਦਾਰੀ ਦੀਆਂ ਉਮੀਦਾਂ
ਸ੍ਰੀਮਤੀ ਬੇਨਜ਼ੀਰ ਦੇ ਪਤੀ ਆਸਿਫ਼ ਜ਼ਰਦਾਰੀ ਜ਼ਮਾਨਤ ਕਰਕੇ ਕੇ ਲੰਡਨ ਪਹੁੰਚ ਚੁੱਕੇ ਹਨ ਤੇ ਆਪਣੀ ਪਤਨੀ ਨਾਲ ਲੰਡਨ ਦੀਆਂ ਸੈਰਾਂ ਤੇ ਇਲਾਜ ਬਾਹੀ ਕਰਦੇ ਆਨੰਦ ਮਾਣ ਰਹੇ ਹਨ, ਨੇ ਕਿਹਾ ਹੈ ਕਿ ਉਹ ਸਮੇਂ ਆਉਣ ਤੇ ਪਾਕਿਸਤਾਨ ਵਾਪਸ ਜ਼ਰੂਰ ਆਉਣਗੇ ਅਤੇ ਦਿਲ ਨਾ ਸਮਝਿਆ ਜਾਵੇ ਕਿ ਉਹ ਪਾਕਿਸਤਾਨ ਸਰਕਾਰ ਨਾਲ ਗੁਪਤ ਸਮਝੌਤਾ ਕਰਕੇ ਲੰਡਨ ਨਿਕਲ ਆਏ ਹਨ।
30
29
28
27
26
25
24
23
22
21
20
19
18
17
16
15
14
13
12
